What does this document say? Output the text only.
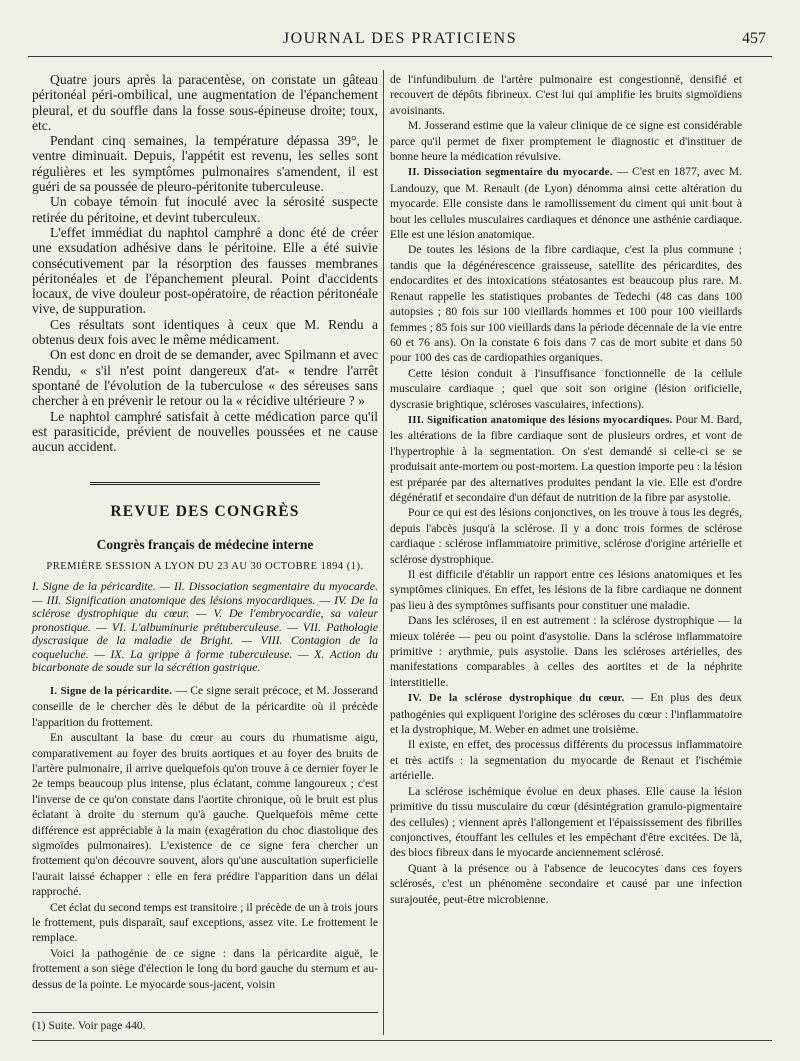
JOURNAL DES PRATICIENS	457

Quatre jours après la paracentèse, on constate un gâteau péritonéal péri-ombilical, une augmentation de l'épanchement pleural, et du souffle dans la fosse sous-épineuse droite; toux, etc.

Pendant cinq semaines, la température dépassa 39°, le ventre diminuait. Depuis, l'appétit est revenu, les selles sont régulières et les symptômes pulmonaires s'amendent, il est guéri de sa poussée de pleuro-péritonite tuberculeuse.

Un cobaye témoin fut inoculé avec la sérosité suspecte retirée du péritoine, et devint tuberculeux.

L'effet immédiat du naphtol camphré a donc été de créer une exsudation adhésive dans le péritoine. Elle a été suivie consécutivement par la résorption des fausses membranes péritonéales et de l'épanchement pleural. Point d'accidents locaux, de vive douleur post-opératoire, de réaction péritonéale vive, de suppuration.

Ces résultats sont identiques à ceux que M. Rendu a obtenus deux fois avec le même médicament.

On est donc en droit de se demander, avec Spilmann et avec Rendu, « s'il n'est point dangereux d'at- « tendre l'arrêt spontané de l'évolution de la tuberculose « des séreuses sans chercher à en prévenir le retour ou la « récidive ultérieure ? »

Le naphtol camphré satisfait à cette médication parce qu'il est parasiticide, prévient de nouvelles poussées et ne cause aucun accident.

REVUE DES CONGRÈS
Congrès français de médecine interne
PREMIÈRE SESSION A LYON DU 23 AU 30 OCTOBRE 1894 (1).
I. Signe de la péricardite. — II. Dissociation segmentaire du myocarde. — III. Signification anatomique des lésions myocardiques. — IV. De la sclérose dystrophique du cœur. — V. De l'embryocardie, sa valeur pronostique. — VI. L'albuminurie prétuberculeuse. — VII. Pathologie dyscrasique de la maladie de Bright. — VIII. Contagion de la coqueluche. — IX. La grippe à forme tuberculeuse. — X. Action du bicarbonate de soude sur la sécrétion gastrique.

I. Signe de la péricardite. — Ce signe serait précoce, et M. Josserand conseille de le chercher dès le début de la péricardite où il précède l'apparition du frottement.

En auscultant la base du cœur au cours du rhumatisme aigu, comparativement au foyer des bruits aortiques et au foyer des bruits de l'artère pulmonaire, il arrive quelquefois qu'on trouve à ce dernier foyer le 2e temps beaucoup plus intense, plus éclatant, comme langoureux ; c'est l'inverse de ce qu'on constate dans l'aortite chronique, où le bruit est plus éclatant à droite du sternum qu'à gauche. Quelquefois même cette différence est appréciable à la main (exagération du choc diastolique des sigmoïdes pulmonaires). L'existence de ce signe fera chercher un frottement qu'on découvre souvent, alors qu'une auscultation superficielle l'aurait laissé échapper : elle en fera prédire l'apparition dans un délai rapproché.

Cet éclat du second temps est transitoire ; il précède de un à trois jours le frottement, puis disparaît, sauf exceptions, assez vite. Le frottement le remplace.

Voici la pathogénie de ce signe : dans la péricardite aiguë, le frottement a son siège d'élection le long du bord gauche du sternum et au-dessus de la pointe. Le myocarde sous-jacent, voisin

(1) Suite. Voir page 440.

de l'infundibulum de l'artère pulmonaire est congestionné, densifié et recouvert de dépôts fibrineux. C'est lui qui amplifie les bruits sigmoïdiens avoisinants.

M. Josserand estime que la valeur clinique de ce signe est considérable parce qu'il permet de fixer promptement le diagnostic et d'instituer de bonne heure la médication révulsive.

II. Dissociation segmentaire du myocarde. — C'est en 1877, avec M. Landouzy, que M. Renault (de Lyon) dénomma ainsi cette altération du myocarde. Elle consiste dans le ramollissement du ciment qui unit bout à bout les cellules musculaires cardiaques et dénonce une asthénie cardiaque. Elle est une lésion anatomique.

De toutes les lésions de la fibre cardiaque, c'est la plus commune ; tandis que la dégénérescence graisseuse, satellite des péricardites, des endocardites et des intoxications stéatosantes est beaucoup plus rare. M. Renaut rappelle les statistiques probantes de Tedechi (48 cas dans 100 autopsies ; 80 fois sur 100 vieillards hommes et 100 pour 100 vieillards femmes ; 85 fois sur 100 vieillards dans la période décennale de la vie entre 60 et 76 ans). On la constate 6 fois dans 7 cas de mort subite et dans 50 pour 100 des cas de cardiopathies organiques.

Cette lésion conduit à l'insuffisance fonctionnelle de la cellule musculaire cardiaque ; quel que soit son origine (lésion orificielle, dyscrasie brightique, scléroses vasculaires, infections).

III. Signification anatomique des lésions myocardiques. Pour M. Bard, les altérations de la fibre cardiaque sont de plusieurs ordres, et vont de l'hypertrophie à la segmentation. On s'est demandé si celle-ci se se produisait ante-mortem ou post-mortem. La question importe peu : la lésion est préparée par des alternatives produites pendant la vie. Elle est d'ordre dégénératif et secondaire d'un défaut de nutrition de la fibre par asystolie.

Pour ce qui est des lésions conjonctives, on les trouve à tous les degrés, depuis l'abcès jusqu'à la sclérose. Il y a donc trois formes de sclérose cardiaque : sclérose inflammatoire primitive, sclérose d'origine artérielle et sclérose dystrophique.

Il est difficile d'établir un rapport entre ces lésions anatomiques et les symptômes cliniques. En effet, les lésions de la fibre cardiaque ne donnent pas lieu à des symptômes suffisants pour constituer une maladie.

Dans les scléroses, il en est autrement : la sclérose dystrophique — la mieux tolérée — peu ou point d'asystolie. Dans la sclérose inflammatoire primitive : arythmie, puis asystolie. Dans les scléroses artérielles, des manifestations comparables à celles des aortites et de la néphrite interstitielle.

IV. De la sclérose dystrophique du cœur. — En plus des deux pathogénies qui expliquent l'origine des scléroses du cœur : l'inflammatoire et la dystrophique, M. Weber en admet une troisième.

Il existe, en effet, des processus différents du processus inflammatoire et très actifs : la segmentation du myocarde de Renaut et l'ischémie artérielle.

La sclérose ischémique évolue en deux phases. Elle cause la lésion primitive du tissu musculaire du cœur (désintégration granulo-pigmentaire des cellules) ; viennent après l'allongement et l'épaississement des fibrilles conjonctives, étouffant les cellules et les empêchant d'être excitées. De là, des blocs fibreux dans le myocarde anciennement sclérosé.

Quant à la présence ou à l'absence de leucocytes dans ces foyers sclérosés, c'est un phénomène secondaire et causé par une infection surajoutée, peut-être microbienne.
